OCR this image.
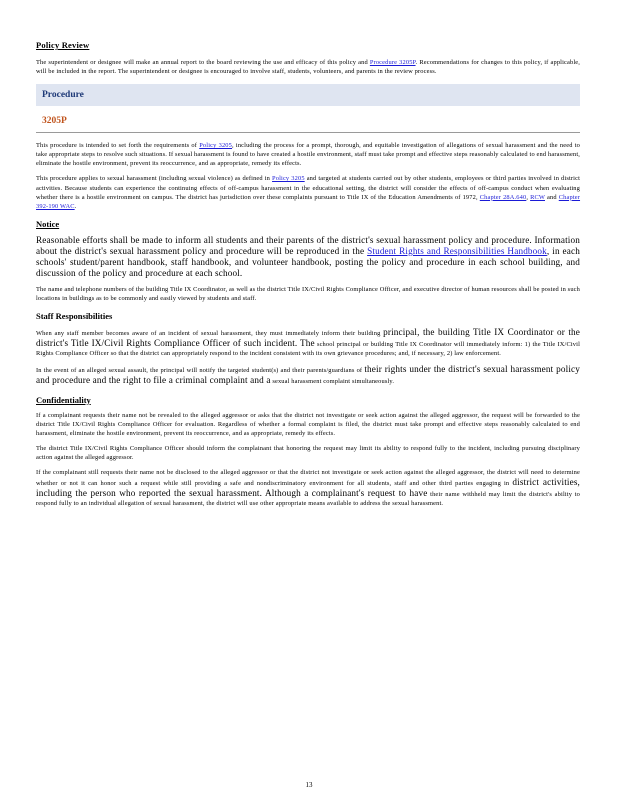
Policy Review

The superintendent or designee will make an annual report to the board reviewing the use and efficacy of this policy and Procedure 3205P. Recommendations for changes to this policy, if applicable, will be included in the report. The superintendent or designee is encouraged to involve staff, students, volunteers, and parents in the review process.

Procedure
3205P

This procedure is intended to set forth the requirements of Policy 3205, including the process for a prompt, thorough, and equitable investigation of allegations of sexual harassment and the need to take appropriate steps to resolve such situations. If sexual harassment is found to have created a hostile environment, staff must take prompt and effective steps reasonably calculated to end harassment, eliminate the hostile environment, prevent its reoccurrence, and as appropriate, remedy its effects.

This procedure applies to sexual harassment (including sexual violence) as defined in Policy 3205 and targeted at students carried out by other students, employees or third parties involved in district activities. Because students can experience the continuing effects of off-campus harassment in the educational setting, the district will consider the effects of off-campus conduct when evaluating whether there is a hostile environment on campus. The district has jurisdiction over these complaints pursuant to Title IX of the Education Amendments of 1972, Chapter 28A.640, RCW and Chapter 392-190 WAC.

Notice

Reasonable efforts shall be made to inform all students and their parents of the district's sexual harassment policy and procedure. Information about the district's sexual harassment policy and procedure will be reproduced in the Student Rights and Responsibilities Handbook, in each schools' student/parent handbook, staff handbook, and volunteer handbook, posting the policy and procedure in each school building, and discussion of the policy and procedure at each school.

The name and telephone numbers of the building Title IX Coordinator, as well as the district Title IX/Civil Rights Compliance Officer, and executive director of human resources shall be posted in such locations in buildings as to be commonly and easily viewed by students and staff.

Staff Responsibilities

When any staff member becomes aware of an incident of sexual harassment, they must immediately inform their building principal, the building Title IX Coordinator or the district's Title IX/Civil Rights Compliance Officer of such incident. The school principal or building Title IX Coordinator will immediately inform: 1) the Title IX/Civil Rights Compliance Officer so that the district can appropriately respond to the incident consistent with its own grievance procedures; and, if necessary, 2) law enforcement.

In the event of an alleged sexual assault, the principal will notify the targeted student(s) and their parents/guardians of their rights under the district's sexual harassment policy and procedure and the right to file a criminal complaint and a sexual harassment complaint simultaneously.

Confidentiality

If a complainant requests their name not be revealed to the alleged aggressor or asks that the district not investigate or seek action against the alleged aggressor, the request will be forwarded to the district Title IX/Civil Rights Compliance Officer for evaluation. Regardless of whether a formal complaint is filed, the district must take prompt and effective steps reasonably calculated to end harassment, eliminate the hostile environment, prevent its reoccurrence, and as appropriate, remedy its effects.

The district Title IX/Civil Rights Compliance Officer should inform the complainant that honoring the request may limit its ability to respond fully to the incident, including pursuing disciplinary action against the alleged aggressor.

If the complainant still requests their name not be disclosed to the alleged aggressor or that the district not investigate or seek action against the alleged aggressor, the district will need to determine whether or not it can honor such a request while still providing a safe and nondiscriminatory environment for all students, staff and other third parties engaging in district activities, including the person who reported the sexual harassment. Although a complainant's request to have their name withheld may limit the district's ability to respond fully to an individual allegation of sexual harassment, the district will use other appropriate means available to address the sexual harassment.

13
